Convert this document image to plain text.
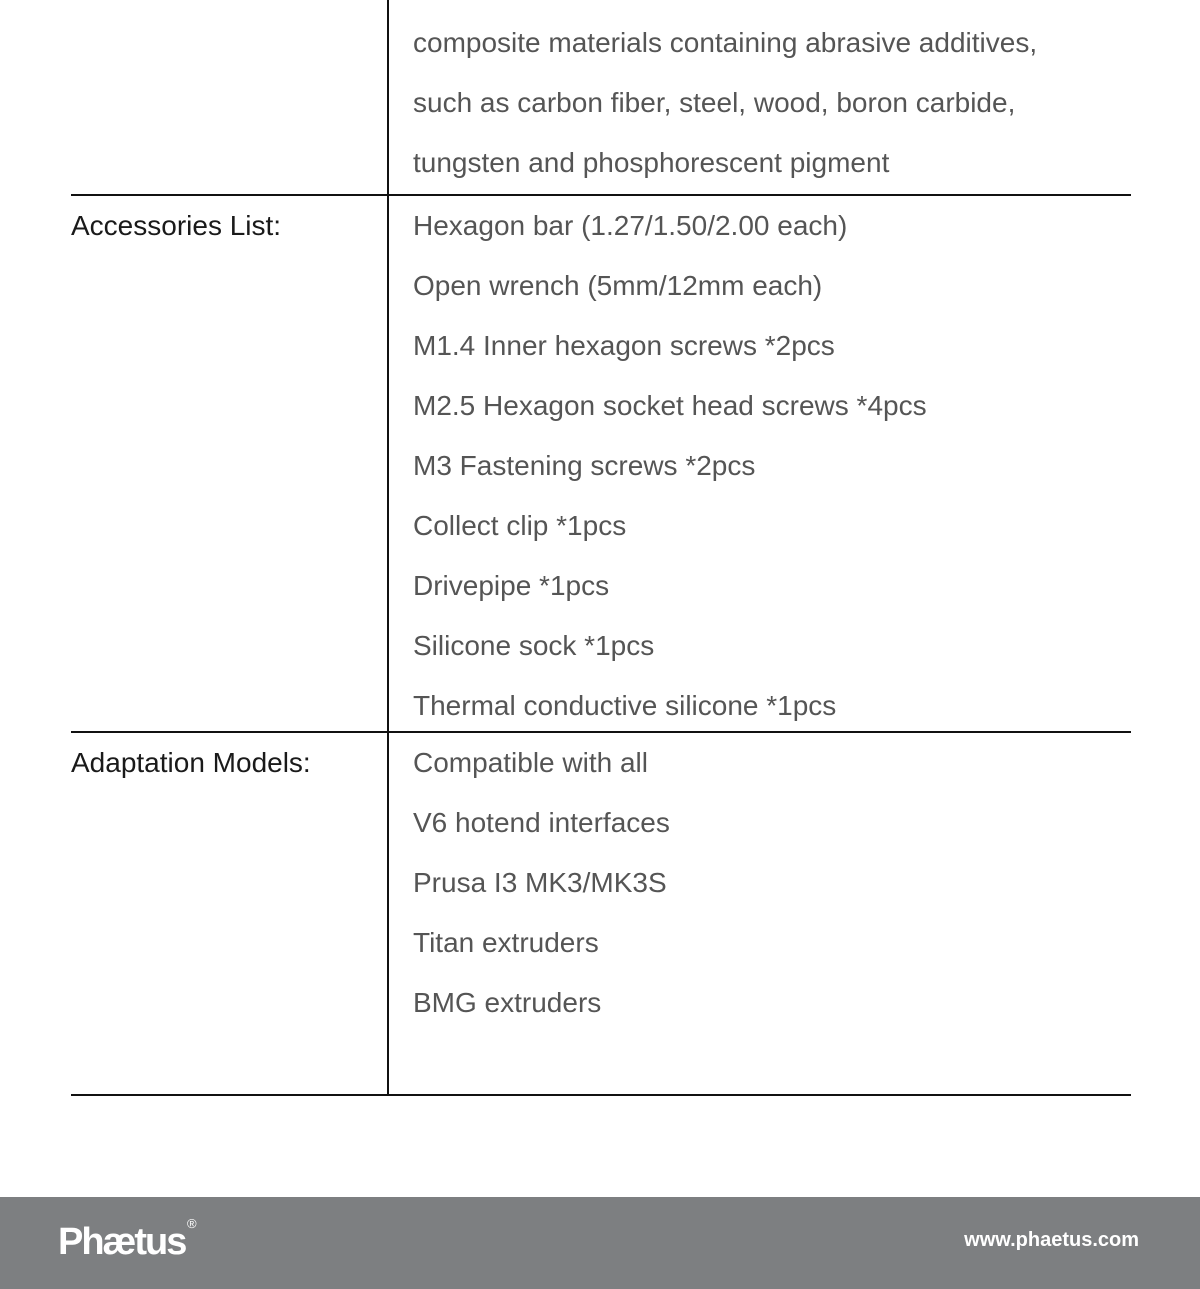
composite materials containing abrasive additives,
such as carbon fiber, steel, wood, boron carbide,
tungsten and phosphorescent pigment
Accessories List:	Hexagon bar (1.27/1.50/2.00 each)
Open wrench (5mm/12mm each)
M1.4 Inner hexagon screws *2pcs
M2.5 Hexagon socket head screws *4pcs
M3 Fastening screws *2pcs
Collect clip *1pcs
Drivepipe *1pcs
Silicone sock *1pcs
Thermal conductive silicone *1pcs
Adaptation Models:	Compatible with all
V6 hotend interfaces
Prusa I3 MK3/MK3S
Titan extruders
BMG extruders
Phætus ®
www.phaetus.com
